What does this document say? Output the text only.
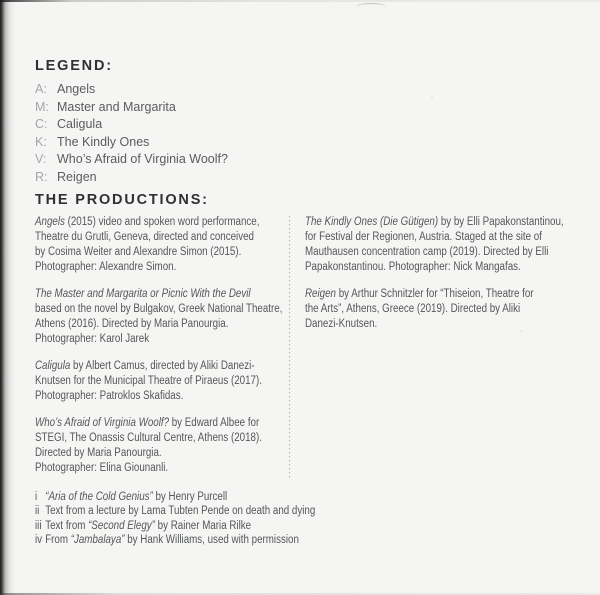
LEGEND:
A: Angels
M: Master and Margarita
C: Caligula
K: The Kindly Ones
V: Who’s Afraid of Virginia Woolf?
R: Reigen
THE PRODUCTIONS:

Angels (2015) video and spoken word performance,
Theatre du Grutli, Geneva, directed and conceived
by Cosima Weiter and Alexandre Simon (2015).
Photographer: Alexandre Simon.

The Master and Margarita or Picnic With the Devil
based on the novel by Bulgakov, Greek National Theatre,
Athens (2016). Directed by Maria Panourgia.
Photographer: Karol Jarek

Caligula by Albert Camus, directed by Aliki Danezi-
Knutsen for the Municipal Theatre of Piraeus (2017).
Photographer: Patroklos Skafidas.

Who’s Afraid of Virginia Woolf? by Edward Albee for
STEGI, The Onassis Cultural Centre, Athens (2018).
Directed by Maria Panourgia.
Photographer: Elina Giounanli.

The Kindly Ones (Die Gütigen) by by Elli Papakonstantinou,
for Festival der Regionen, Austria. Staged at the site of
Mauthausen concentration camp (2019). Directed by Elli
Papakonstantinou. Photographer: Nick Mangafas.

Reigen by Arthur Schnitzler for “Thiseion, Theatre for
the Arts”, Athens, Greece (2019). Directed by Aliki
Danezi-Knutsen.

i “Aria of the Cold Genius” by Henry Purcell
ii Text from a lecture by Lama Tubten Pende on death and dying
iii Text from “Second Elegy” by Rainer Maria Rilke
iv From “Jambalaya” by Hank Williams, used with permission
